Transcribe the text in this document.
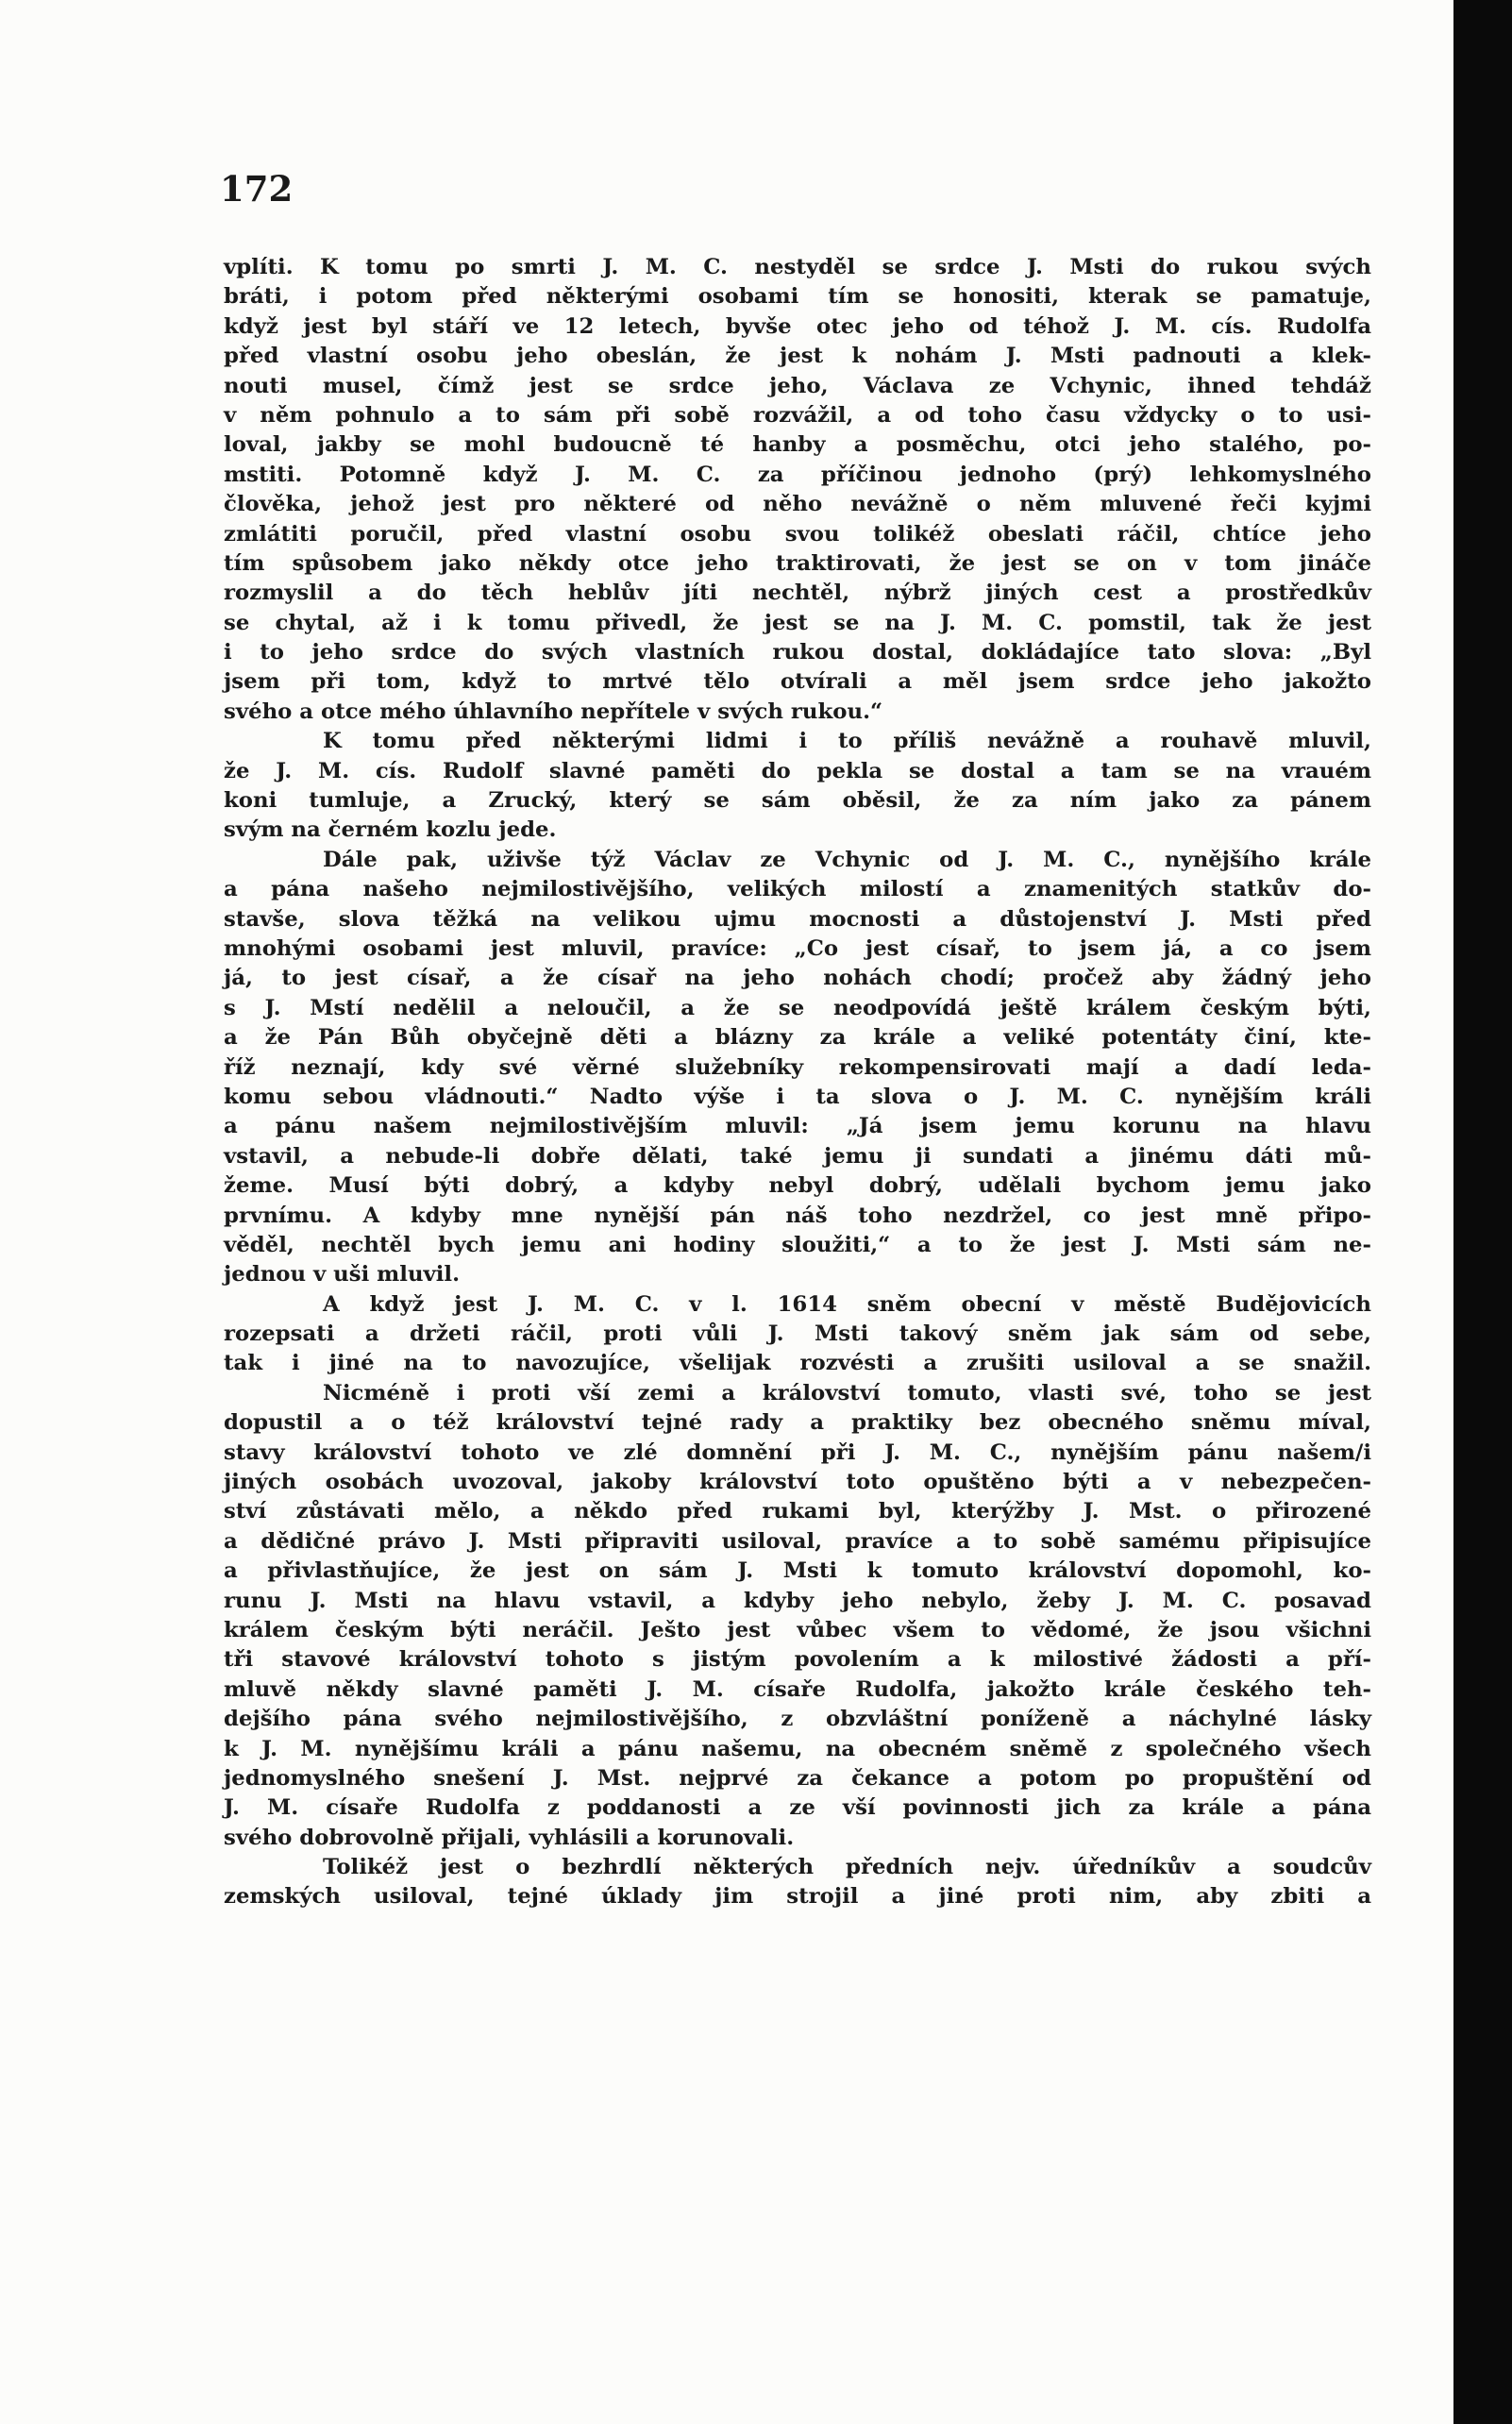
172
vplíti. K tomu po smrti J. M. C. nestyděl se srdce J. Msti do rukou svých
bráti, i potom před některými osobami tím se honositi, kterak se pamatuje,
když jest byl stáří ve 12 letech, byvše otec jeho od téhož J. M. cís. Rudolfa
před vlastní osobu jeho obeslán, že jest k nohám J. Msti padnouti a klek-
nouti musel, čímž jest se srdce jeho, Václava ze Vchynic, ihned tehdáž
v něm pohnulo a to sám při sobě rozvážil, a od toho času vždycky o to usi-
loval, jakby se mohl budoucně té hanby a posměchu, otci jeho stalého, po-
mstiti. Potomně když J. M. C. za příčinou jednoho (prý) lehkomyslného
člověka, jehož jest pro některé od něho nevážně o něm mluvené řeči kyjmi
zmlátiti poručil, před vlastní osobu svou tolikéž obeslati ráčil, chtíce jeho
tím spůsobem jako někdy otce jeho traktirovati, že jest se on v tom jináče
rozmyslil a do těch heblův jíti nechtěl, nýbrž jiných cest a prostředkův
se chytal, až i k tomu přivedl, že jest se na J. M. C. pomstil, tak že jest
i to jeho srdce do svých vlastních rukou dostal, dokládajíce tato slova: „Byl
jsem při tom, když to mrtvé tělo otvírali a měl jsem srdce jeho jakožto
svého a otce mého úhlavního nepřítele v svých rukou.“
K tomu před některými lidmi i to příliš nevážně a rouhavě mluvil,
že J. M. cís. Rudolf slavné paměti do pekla se dostal a tam se na vrauém
koni tumluje, a Zrucký, který se sám oběsil, že za ním jako za pánem
svým na černém kozlu jede.
Dále pak, uživše týž Václav ze Vchynic od J. M. C., nynějšího krále
a pána našeho nejmilostivějšího, velikých milostí a znamenitých statkův do-
stavše, slova těžká na velikou ujmu mocnosti a důstojenství J. Msti před
mnohými osobami jest mluvil, pravíce: „Co jest císař, to jsem já, a co jsem
já, to jest císař, a že císař na jeho nohách chodí; pročež aby žádný jeho
s J. Mstí nedělil a neloučil, a že se neodpovídá ještě králem českým býti,
a že Pán Bůh obyčejně děti a blázny za krále a veliké potentáty činí, kte-
říž neznají, kdy své věrné služebníky rekompensirovati mají a dadí leda-
komu sebou vládnouti.“ Nadto výše i ta slova o J. M. C. nynějším králi
a pánu našem nejmilostivějším mluvil: „Já jsem jemu korunu na hlavu
vstavil, a nebude-li dobře dělati, také jemu ji sundati a jinému dáti mů-
žeme. Musí býti dobrý, a kdyby nebyl dobrý, udělali bychom jemu jako
prvnímu. A kdyby mne nynější pán náš toho nezdržel, co jest mně připo-
věděl, nechtěl bych jemu ani hodiny sloužiti,“ a to že jest J. Msti sám ne-
jednou v uši mluvil.
A když jest J. M. C. v l. 1614 sněm obecní v městě Budějovicích
rozepsati a držeti ráčil, proti vůli J. Msti takový sněm jak sám od sebe,
tak i jiné na to navozujíce, všelijak rozvésti a zrušiti usiloval a se snažil.
Nicméně i proti vší zemi a království tomuto, vlasti své, toho se jest
dopustil a o též království tejné rady a praktiky bez obecného sněmu míval,
stavy království tohoto ve zlé domnění při J. M. C., nynějším pánu našem/i
jiných osobách uvozoval, jakoby království toto opuštěno býti a v nebezpečen-
ství zůstávati mělo, a někdo před rukami byl, kterýžby J. Mst. o přirozené
a dědičné právo J. Msti připraviti usiloval, pravíce a to sobě samému připisujíce
a přivlastňujíce, že jest on sám J. Msti k tomuto království dopomohl, ko-
runu J. Msti na hlavu vstavil, a kdyby jeho nebylo, žeby J. M. C. posavad
králem českým býti neráčil. Ješto jest vůbec všem to vědomé, že jsou všichni
tři stavové království tohoto s jistým povolením a k milostivé žádosti a pří-
mluvě někdy slavné paměti J. M. císaře Rudolfa, jakožto krále českého teh-
dejšího pána svého nejmilostivějšího, z obzvláštní poníženě a náchylné lásky
k J. M. nynějšímu králi a pánu našemu, na obecném sněmě z společného všech
jednomyslného snešení J. Mst. nejprvé za čekance a potom po propuštění od
J. M. císaře Rudolfa z poddanosti a ze vší povinnosti jich za krále a pána
svého dobrovolně přijali, vyhlásili a korunovali.
Tolikéž jest o bezhrdlí některých předních nejv. úředníkův a soudcův
zemských usiloval, tejné úklady jim strojil a jiné proti nim, aby zbiti a
